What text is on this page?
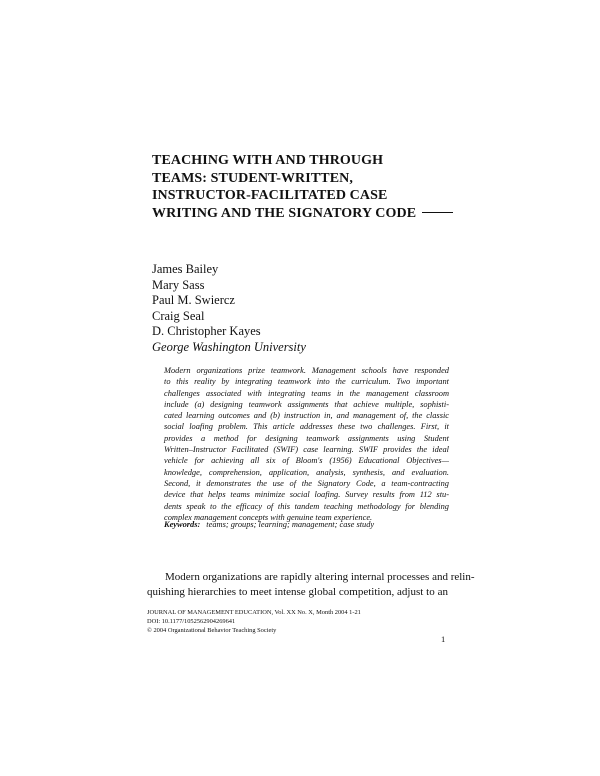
TEACHING WITH AND THROUGH
TEAMS: STUDENT-WRITTEN,
INSTRUCTOR-FACILITATED CASE
WRITING AND THE SIGNATORY CODE
James Bailey
Mary Sass
Paul M. Swiercz
Craig Seal
D. Christopher Kayes
George Washington University
Modern organizations prize teamwork. Management schools have responded
to this reality by integrating teamwork into the curriculum. Two important
challenges associated with integrating teams in the management classroom
include (a) designing teamwork assignments that achieve multiple, sophisti-
cated learning outcomes and (b) instruction in, and management of, the classic
social loafing problem. This article addresses these two challenges. First, it
provides a method for designing teamwork assignments using Student
Written–Instructor Facilitated (SWIF) case learning. SWIF provides the ideal
vehicle for achieving all six of Bloom's (1956) Educational Objectives—
knowledge, comprehension, application, analysis, synthesis, and evaluation.
Second, it demonstrates the use of the Signatory Code, a team-contracting
device that helps teams minimize social loafing. Survey results from 112 stu-
dents speak to the efficacy of this tandem teaching methodology for blending
complex management concepts with genuine team experience.
Keywords: teams; groups; learning; management; case study
Modern organizations are rapidly altering internal processes and relin-
quishing hierarchies to meet intense global competition, adjust to an
JOURNAL OF MANAGEMENT EDUCATION, Vol. XX No. X, Month 2004 1-21
DOI: 10.1177/1052562904269641
© 2004 Organizational Behavior Teaching Society
1
